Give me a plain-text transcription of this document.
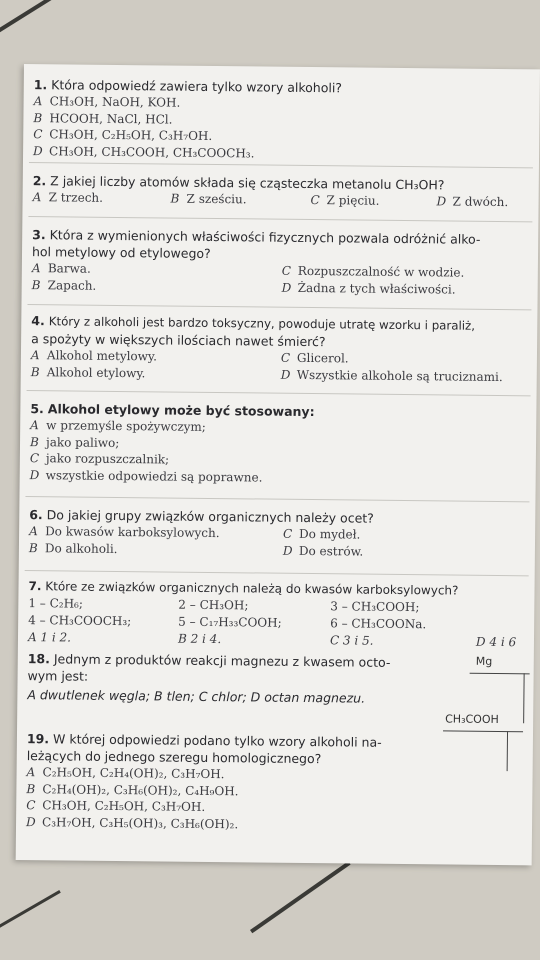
1. Która odpowiedź zawiera tylko wzory alkoholi?
A CH₃OH, NaOH, KOH.
B HCOOH, NaCl, HCl.
C CH₃OH, C₂H₅OH, C₃H₇OH.
D CH₃OH, CH₃COOH, CH₃COOCH₃.
2. Z jakiej liczby atomów składa się cząsteczka metanolu CH₃OH?
A Z trzech.	B Z sześciu.	C Z pięciu.	D Z dwóch.
3. Która z wymienionych właściwości fizycznych pozwala odróżnić alko-
hol metylowy od etylowego?
A Barwa.	C Rozpuszczalność w wodzie.
B Zapach.	D Żadna z tych właściwości.
4. Który z alkoholi jest bardzo toksyczny, powoduje utratę wzorku i paraliż,
a spożyty w większych ilościach nawet śmierć?
A Alkohol metylowy.	C Glicerol.
B Alkohol etylowy.	D Wszystkie alkohole są truciznami.
5. Alkohol etylowy może być stosowany:
A w przemyśle spożywczym;
B jako paliwo;
C jako rozpuszczalnik;
D wszystkie odpowiedzi są poprawne.
6. Do jakiej grupy związków organicznych należy ocet?
A Do kwasów karboksylowych.	C Do mydeł.
B Do alkoholi.	D Do estrów.
7. Które ze związków organicznych należą do kwasów karboksylowych?
1 – C₂H₆;	2 – CH₃OH;	3 – CH₃COOH;
4 – CH₃COOCH₃;	5 – C₁₇H₃₃COOH;	6 – CH₃COONa.
A 1 i 2.	B 2 i 4.	C 3 i 5.	D 4 i 6
18. Jednym z produktów reakcji magnezu z kwasem octo-
wym jest:
A dwutlenek węgla; B tlen; C chlor; D octan magnezu.
Mg
CH₃COOH
19. W której odpowiedzi podano tylko wzory alkoholi na-
leżących do jednego szeregu homologicznego?
A C₂H₅OH, C₂H₄(OH)₂, C₃H₇OH.
B C₂H₄(OH)₂, C₃H₆(OH)₂, C₄H₉OH.
C CH₃OH, C₂H₅OH, C₃H₇OH.
D C₃H₇OH, C₃H₅(OH)₃, C₃H₆(OH)₂.
